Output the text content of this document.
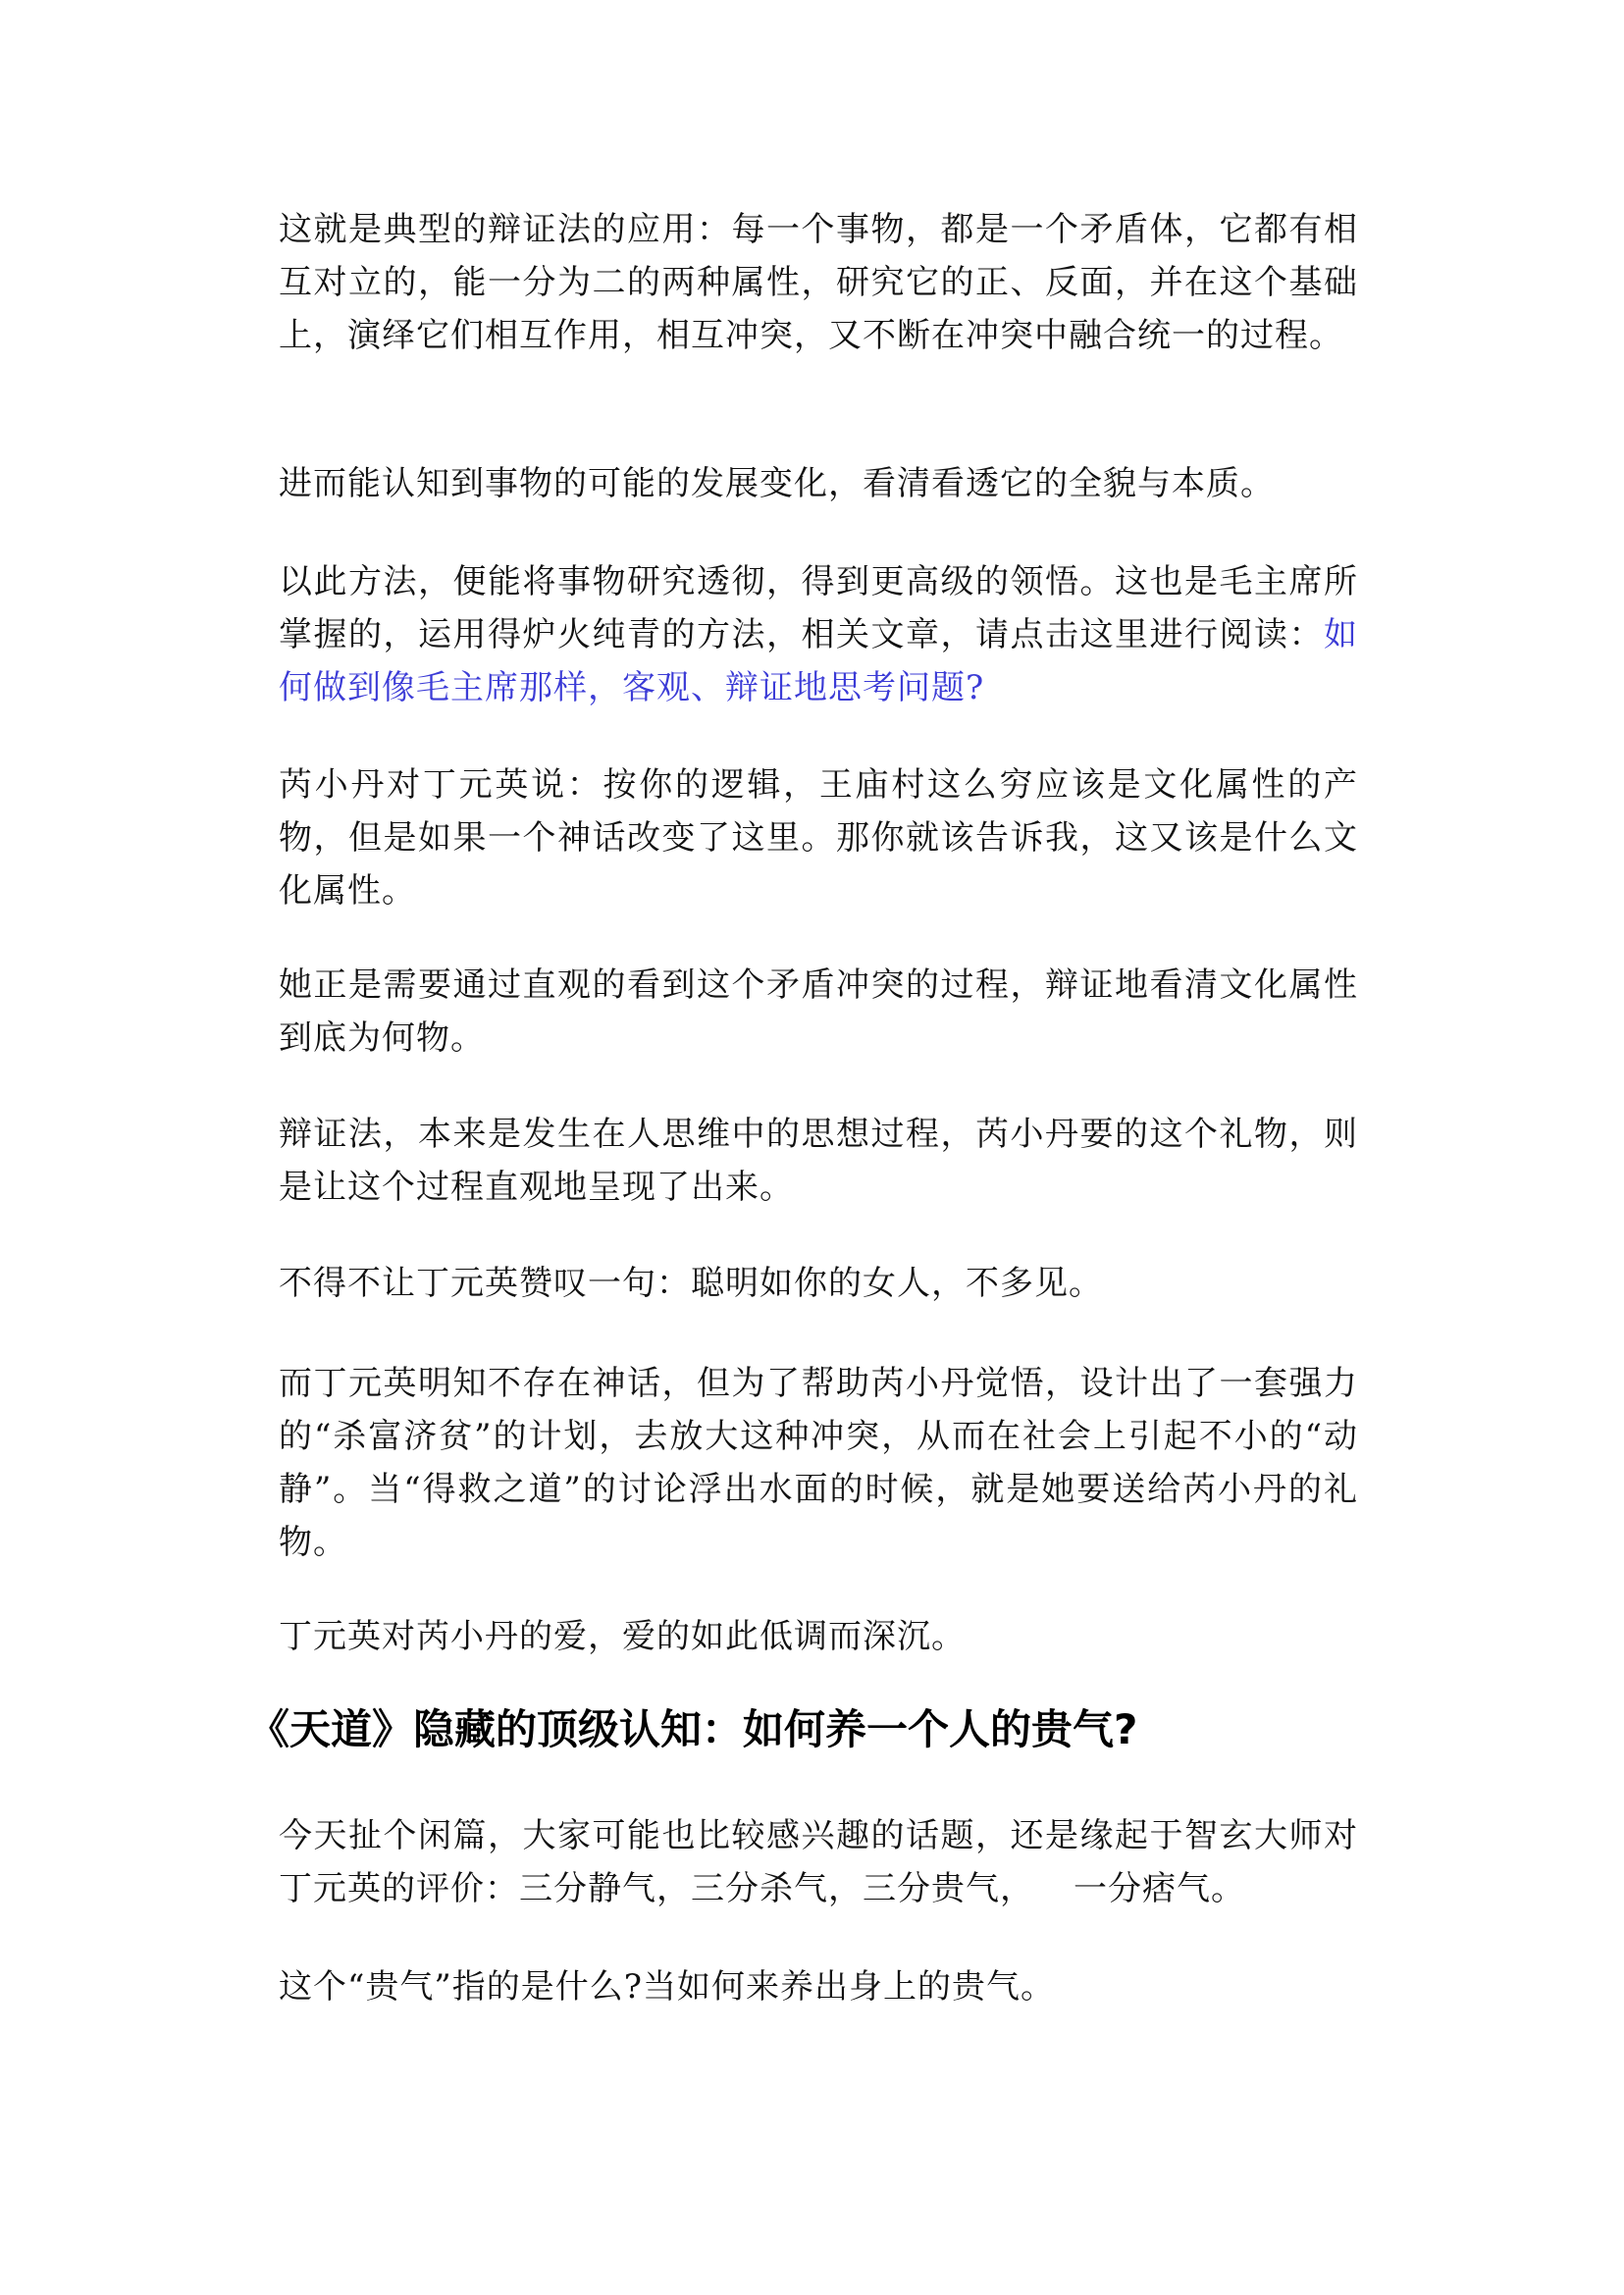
这就是典型的辩证法的应用：每一个事物，都是一个矛盾体，它都有相互对立的，能一分为二的两种属性，研究它的正、反面，并在这个基础上，演绎它们相互作用，相互冲突，又不断在冲突中融合统一的过程。

进而能认知到事物的可能的发展变化，看清看透它的全貌与本质。

以此方法，便能将事物研究透彻，得到更高级的领悟。这也是毛主席所掌握的，运用得炉火纯青的方法，相关文章，请点击这里进行阅读：如何做到像毛主席那样，客观、辩证地思考问题?

芮小丹对丁元英说：按你的逻辑，王庙村这么穷应该是文化属性的产物，但是如果一个神话改变了这里。那你就该告诉我，这又该是什么文化属性。

她正是需要通过直观的看到这个矛盾冲突的过程，辩证地看清文化属性到底为何物。

辩证法，本来是发生在人思维中的思想过程，芮小丹要的这个礼物，则是让这个过程直观地呈现了出来。

不得不让丁元英赞叹一句：聪明如你的女人，不多见。

而丁元英明知不存在神话，但为了帮助芮小丹觉悟，设计出了一套强力的“杀富济贫”的计划，去放大这种冲突，从而在社会上引起不小的“动静”。当“得救之道”的讨论浮出水面的时候，就是她要送给芮小丹的礼物。

丁元英对芮小丹的爱，爱的如此低调而深沉。

《天道》隐藏的顶级认知：如何养一个人的贵气?

今天扯个闲篇，大家可能也比较感兴趣的话题，还是缘起于智玄大师对丁元英的评价：三分静气，三分杀气，三分贵气， 一分痞气。

这个“贵气”指的是什么?当如何来养出身上的贵气。
